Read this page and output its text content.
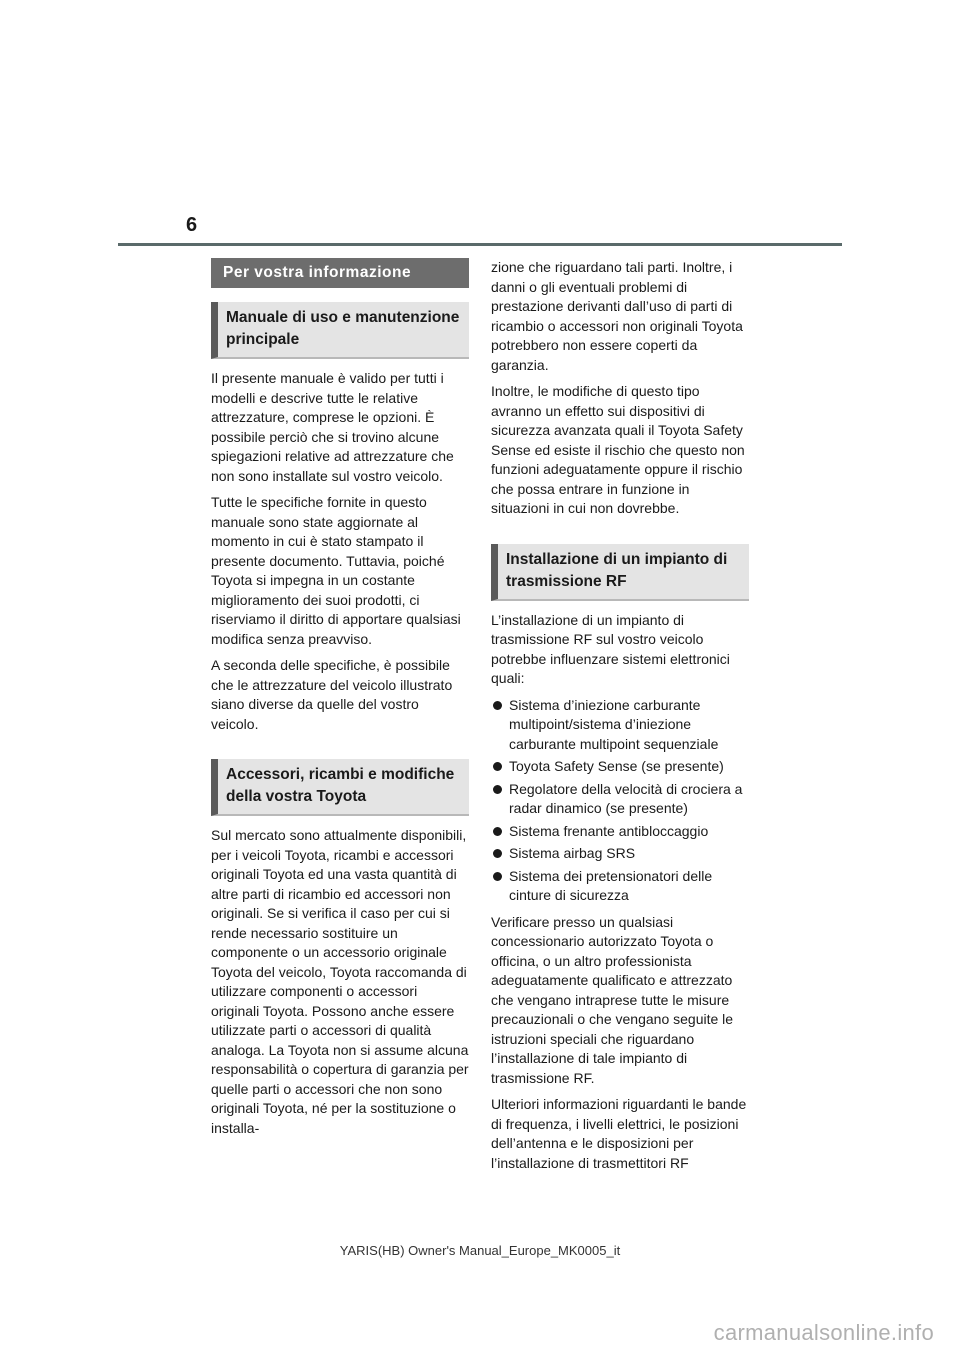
6
Per vostra informazione
Manuale di uso e manutenzione principale

Il presente manuale è valido per tutti i modelli e descrive tutte le relative attrezzature, comprese le opzioni. È possibile perciò che si trovino alcune spiegazioni relative ad attrezzature che non sono installate sul vostro veicolo.

Tutte le specifiche fornite in questo manuale sono state aggiornate al momento in cui è stato stampato il presente documento. Tuttavia, poiché Toyota si impegna in un costante miglioramento dei suoi prodotti, ci riserviamo il diritto di apportare qualsiasi modifica senza preavviso.

A seconda delle specifiche, è possibile che le attrezzature del veicolo illustrato siano diverse da quelle del vostro veicolo.

Accessori, ricambi e modifiche della vostra Toyota

Sul mercato sono attualmente disponibili, per i veicoli Toyota, ricambi e accessori originali Toyota ed una vasta quantità di altre parti di ricambio ed accessori non originali. Se si verifica il caso per cui si rende necessario sostituire un componente o un accessorio originale Toyota del veicolo, Toyota raccomanda di utilizzare componenti o accessori originali Toyota. Possono anche essere utilizzate parti o accessori di qualità analoga. La Toyota non si assume alcuna responsabilità o copertura di garanzia per quelle parti o accessori che non sono originali Toyota, né per la sostituzione o installa-

zione che riguardano tali parti. Inoltre, i danni o gli eventuali problemi di prestazione derivanti dall’uso di parti di ricambio o accessori non originali Toyota potrebbero non essere coperti da garanzia.

Inoltre, le modifiche di questo tipo avranno un effetto sui dispositivi di sicurezza avanzata quali il Toyota Safety Sense ed esiste il rischio che questo non funzioni adeguatamente oppure il rischio che possa entrare in funzione in situazioni in cui non dovrebbe.

Installazione di un impianto di trasmissione RF

L’installazione di un impianto di trasmissione RF sul vostro veicolo potrebbe influenzare sistemi elettronici quali:

Sistema d’iniezione carburante multipoint/sistema d’iniezione carburante multipoint sequenziale
Toyota Safety Sense (se presente)
Regolatore della velocità di crociera a radar dinamico (se presente)
Sistema frenante antibloccaggio
Sistema airbag SRS
Sistema dei pretensionatori delle cinture di sicurezza

Verificare presso un qualsiasi concessionario autorizzato Toyota o officina, o un altro professionista adeguatamente qualificato e attrezzato che vengano intraprese tutte le misure precauzionali o che vengano seguite le istruzioni speciali che riguardano l’installazione di tale impianto di trasmissione RF.

Ulteriori informazioni riguardanti le bande di frequenza, i livelli elettrici, le posizioni dell’antenna e le disposizioni per l’installazione di trasmettitori RF

YARIS(HB) Owner's Manual_Europe_MK0005_it
carmanualsonline.info
